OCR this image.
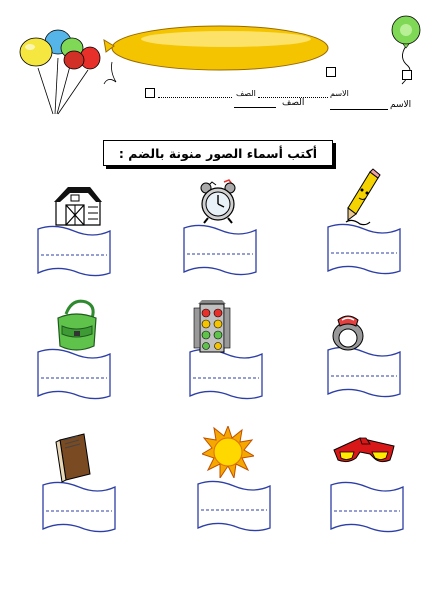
الاسم
الصف
الاسم
الصف
أكتب أسماء الصور منونة بالضم :
